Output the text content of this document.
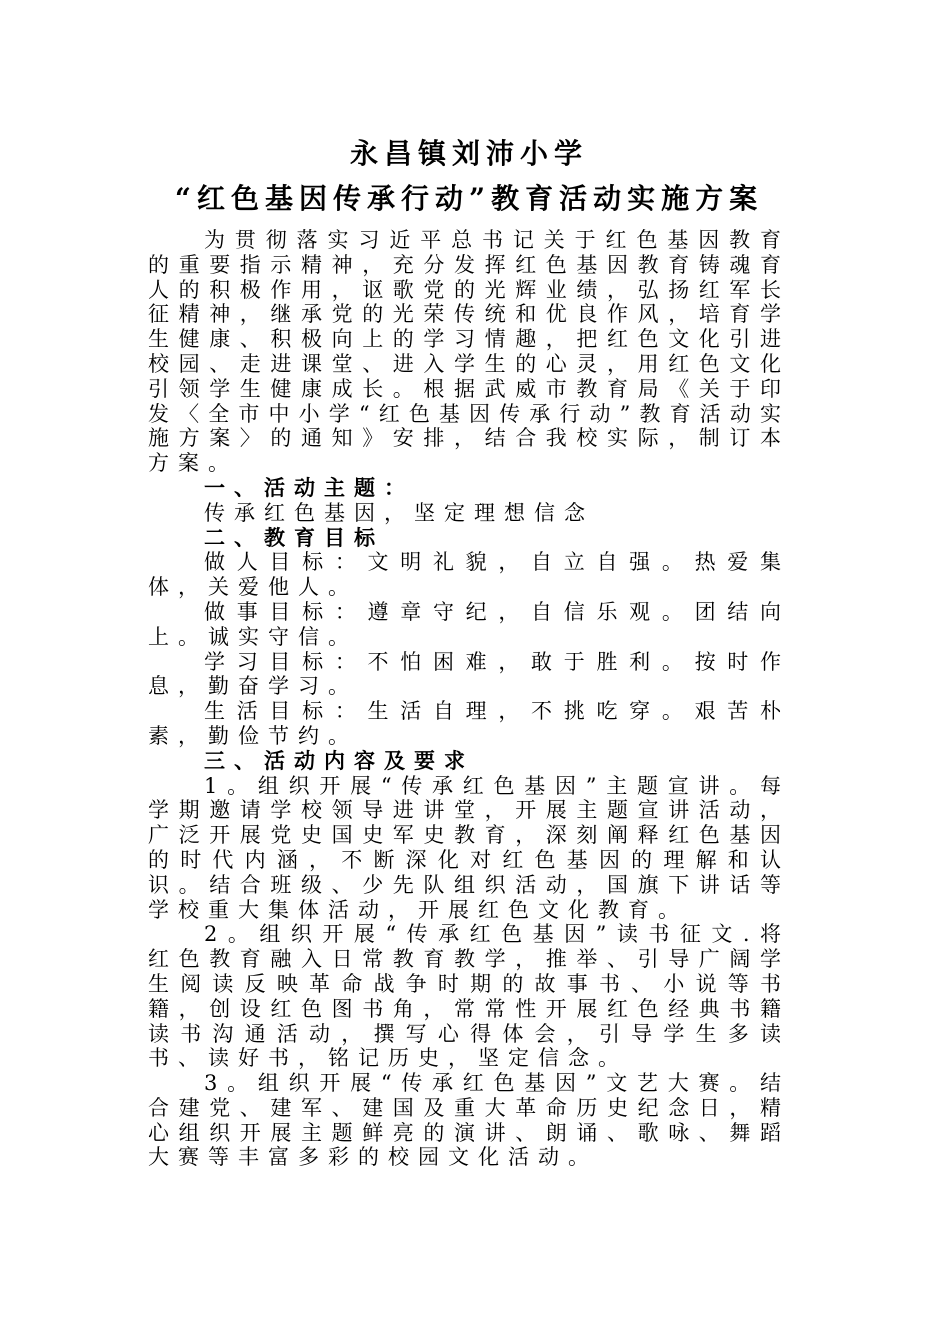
永昌镇刘沛小学
“红色基因传承行动”教育活动实施方案

为贯彻落实习近平总书记关于红色基因教育的重要指示精神，充分发挥红色基因教育铸魂育人的积极作用，讴歌党的光辉业绩，弘扬红军长征精神，继承党的光荣传统和优良作风，培育学生健康、积极向上的学习情趣，把红色文化引进校园、走进课堂、进入学生的心灵，用红色文化引领学生健康成长。根据武威市教育局《关于印发〈全市中小学“红色基因传承行动”教育活动实施方案〉的通知》安排，结合我校实际，制订本方案。

一、活动主题：

传承红色基因，坚定理想信念

二、教育目标

做人目标：文明礼貌，自立自强。热爱集体，关爱他人。

做事目标：遵章守纪，自信乐观。团结向上。诚实守信。

学习目标：不怕困难，敢于胜利。按时作息，勤奋学习。

生活目标：生活自理，不挑吃穿。艰苦朴素，勤俭节约。

三、活动内容及要求

1。组织开展“传承红色基因”主题宣讲。每学期邀请学校领导进讲堂，开展主题宣讲活动，广泛开展党史国史军史教育，深刻阐释红色基因的时代内涵，不断深化对红色基因的理解和认识。结合班级、少先队组织活动，国旗下讲话等学校重大集体活动，开展红色文化教育。

2。组织开展“传承红色基因”读书征文.将红色教育融入日常教育教学，推举、引导广阔学生阅读反映革命战争时期的故事书、小说等书籍，创设红色图书角，常常性开展红色经典书籍读书沟通活动，撰写心得体会，引导学生多读书、读好书，铭记历史，坚定信念。

3。组织开展“传承红色基因”文艺大赛。结合建党、建军、建国及重大革命历史纪念日，精心组织开展主题鲜亮的演讲、朗诵、歌咏、舞蹈大赛等丰富多彩的校园文化活动。
